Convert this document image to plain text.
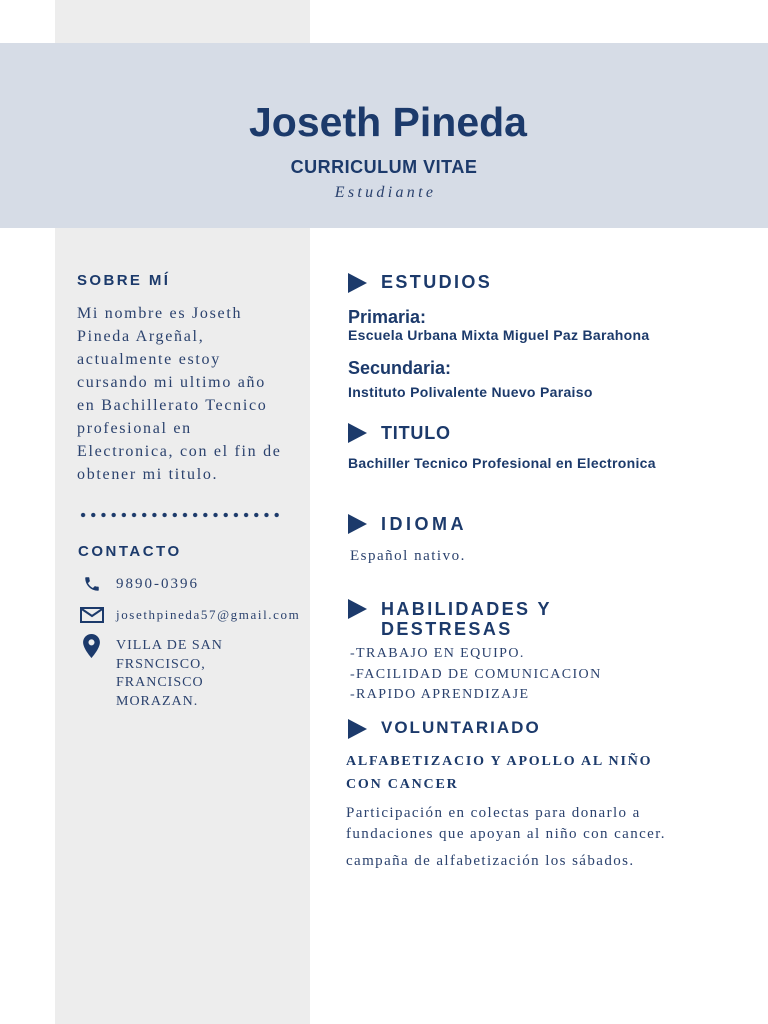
Joseth Pineda
CURRICULUM VITAE
Estudiante
SOBRE MÍ
Mi nombre es Joseth Pineda Argeñal, actualmente estoy cursando mi ultimo año en Bachillerato Tecnico profesional en Electronica, con el fin de obtener mi titulo.
CONTACTO
9890-0396
josethpineda57@gmail.com
VILLA DE SAN FRSNCISCO, FRANCISCO MORAZAN.
ESTUDIOS
Primaria:
Escuela Urbana Mixta Miguel Paz Barahona
Secundaria:
Instituto Polivalente Nuevo Paraiso
TITULO
Bachiller Tecnico Profesional en Electronica
IDIOMA
Español nativo.
HABILIDADES Y DESTRESAS
-TRABAJO EN EQUIPO.
-FACILIDAD DE COMUNICACION
-RAPIDO APRENDIZAJE
VOLUNTARIADO
ALFABETIZACIO Y APOLLO AL NIÑO CON CANCER
Participación en colectas para donarlo a fundaciones que apoyan al niño con cancer.
campaña de alfabetización los sábados.
